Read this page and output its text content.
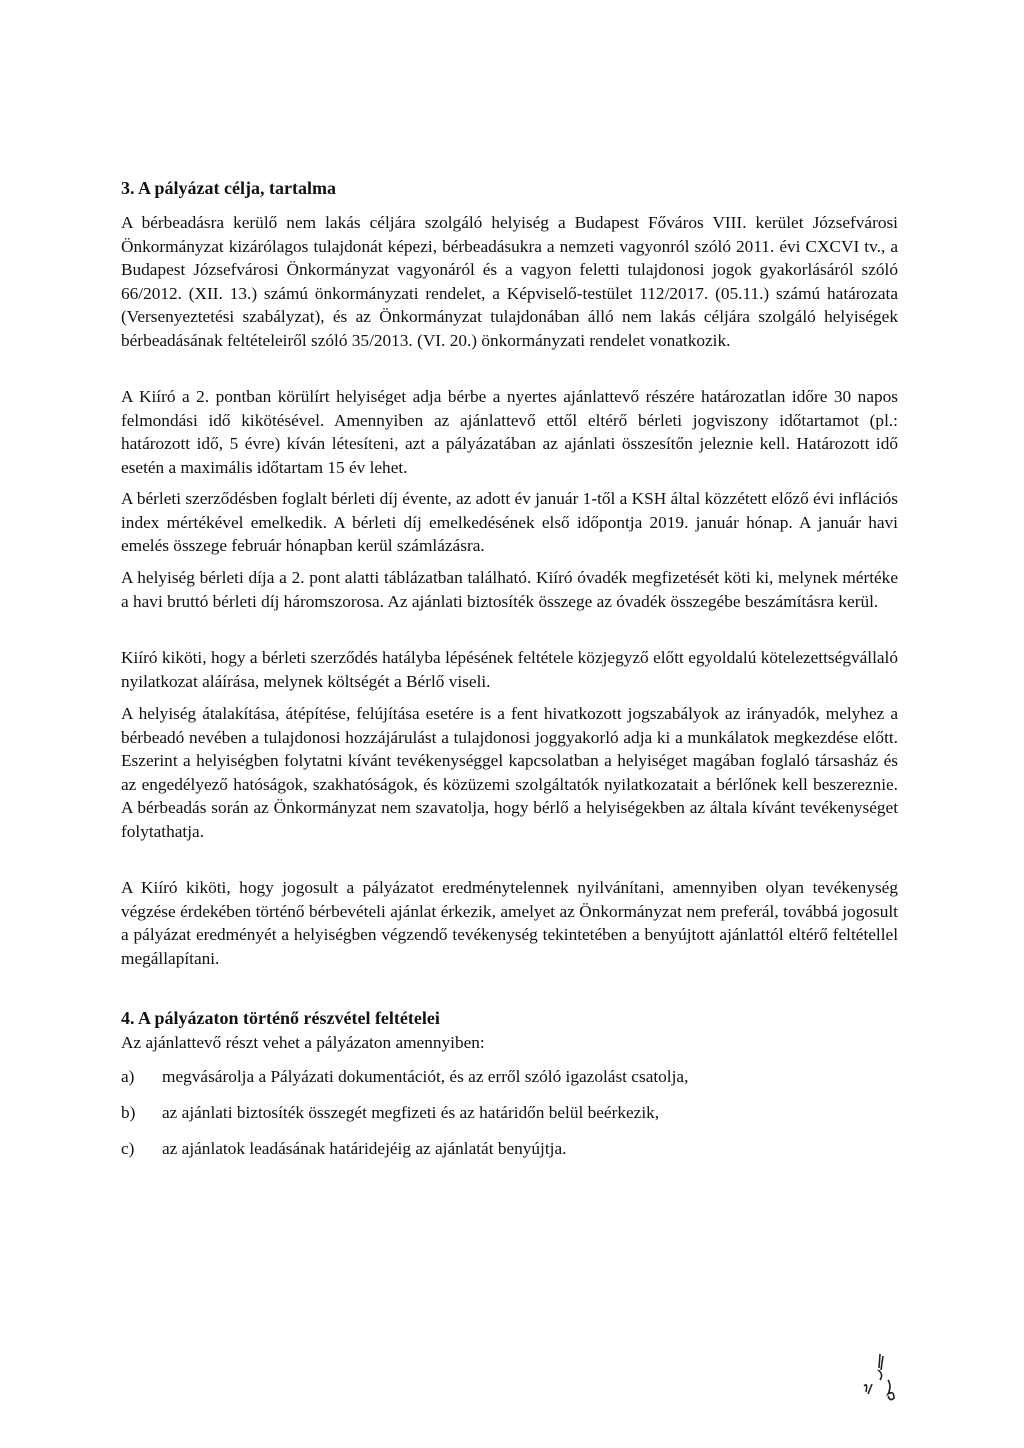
3. A pályázat célja, tartalma

A bérbeadásra kerülő nem lakás céljára szolgáló helyiség a Budapest Főváros VIII. kerület Józsefvárosi Önkormányzat kizárólagos tulajdonát képezi, bérbeadásukra a nemzeti vagyonról szóló 2011. évi CXCVI tv., a Budapest Józsefvárosi Önkormányzat vagyonáról és a vagyon feletti tulajdonosi jogok gyakorlásáról szóló 66/2012. (XII. 13.) számú önkormányzati rendelet, a Képviselő-testület 112/2017. (05.11.) számú határozata (Versenyeztetési szabályzat), és az Önkormányzat tulajdonában álló nem lakás céljára szolgáló helyiségek bérbeadásának feltételeiről szóló 35/2013. (VI. 20.) önkormányzati rendelet vonatkozik.

A Kiíró a 2. pontban körülírt helyiséget adja bérbe a nyertes ajánlattevő részére határozatlan időre 30 napos felmondási idő kikötésével. Amennyiben az ajánlattevő ettől eltérő bérleti jogviszony időtartamot (pl.: határozott idő, 5 évre) kíván létesíteni, azt a pályázatában az ajánlati összesítőn jeleznie kell. Határozott idő esetén a maximális időtartam 15 év lehet.

A bérleti szerződésben foglalt bérleti díj évente, az adott év január 1-től a KSH által közzétett előző évi inflációs index mértékével emelkedik. A bérleti díj emelkedésének első időpontja 2019. január hónap. A január havi emelés összege február hónapban kerül számlázásra.

A helyiség bérleti díja a 2. pont alatti táblázatban található. Kiíró óvadék megfizetését köti ki, melynek mértéke a havi bruttó bérleti díj háromszorosa. Az ajánlati biztosíték összege az óvadék összegébe beszámításra kerül.

Kiíró kiköti, hogy a bérleti szerződés hatályba lépésének feltétele közjegyző előtt egyoldalú kötelezettségvállaló nyilatkozat aláírása, melynek költségét a Bérlő viseli.

A helyiség átalakítása, átépítése, felújítása esetére is a fent hivatkozott jogszabályok az irányadók, melyhez a bérbeadó nevében a tulajdonosi hozzájárulást a tulajdonosi joggyakorló adja ki a munkálatok megkezdése előtt. Eszerint a helyiségben folytatni kívánt tevékenységgel kapcsolatban a helyiséget magában foglaló társasház és az engedélyező hatóságok, szakhatóságok, és közüzemi szolgáltatók nyilatkozatait a bérlőnek kell beszereznie. A bérbeadás során az Önkormányzat nem szavatolja, hogy bérlő a helyiségekben az általa kívánt tevékenységet folytathatja.

A Kiíró kiköti, hogy jogosult a pályázatot eredménytelennek nyilvánítani, amennyiben olyan tevékenység végzése érdekében történő bérbevételi ajánlat érkezik, amelyet az Önkormányzat nem preferál, továbbá jogosult a pályázat eredményét a helyiségben végzendő tevékenység tekintetében a benyújtott ajánlattól eltérő feltétellel megállapítani.

4. A pályázaton történő részvétel feltételei
Az ajánlattevő részt vehet a pályázaton amennyiben:
a) megvásárolja a Pályázati dokumentációt, és az erről szóló igazolást csatolja,
b) az ajánlati biztosíték összegét megfizeti és az határidőn belül beérkezik,
c) az ajánlatok leadásának határidejéig az ajánlatát benyújtja.
